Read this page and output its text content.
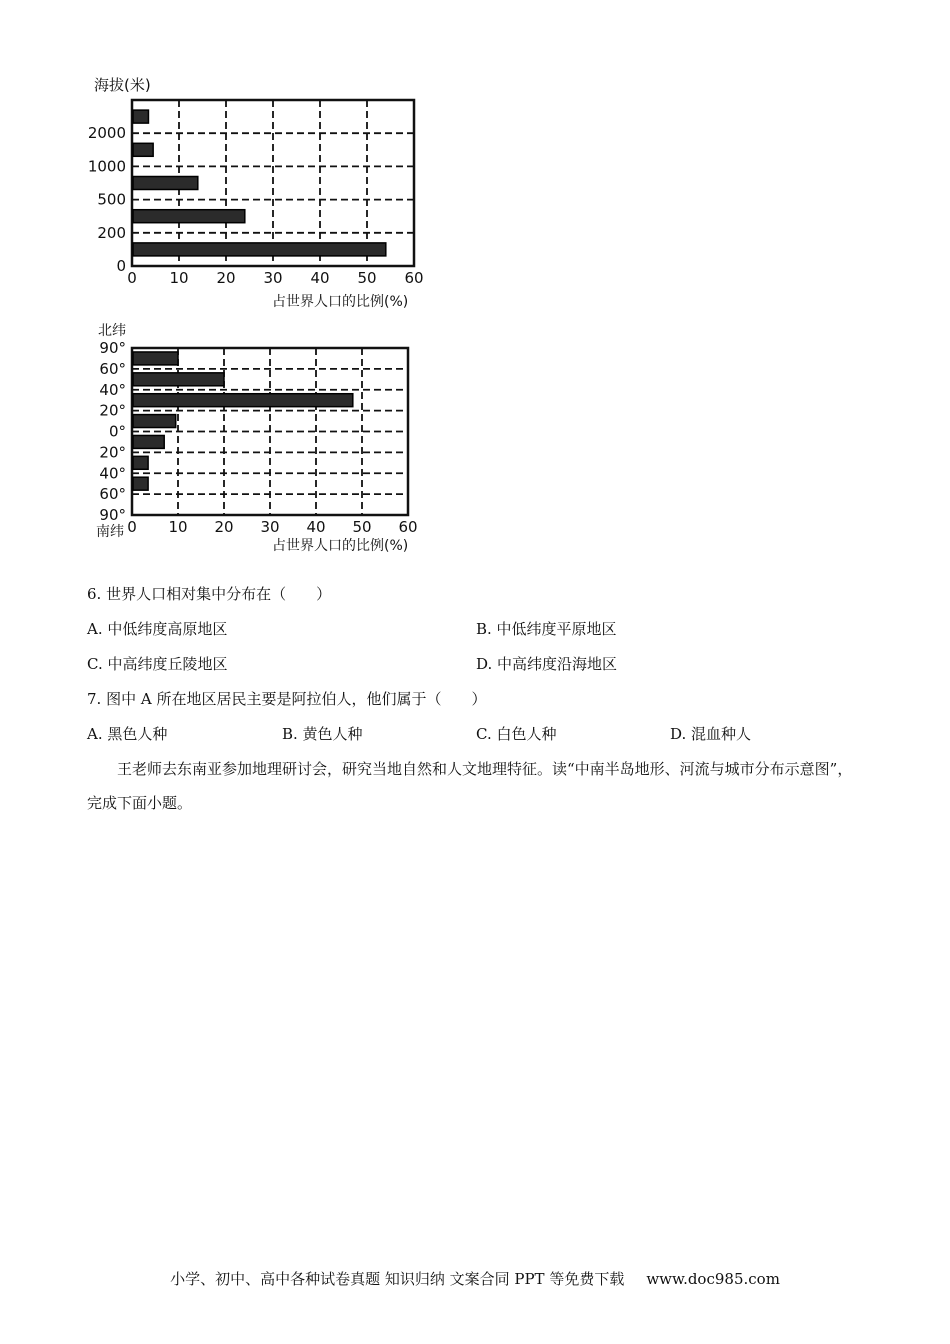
海拔(米)
0
200
500
1000
2000
0 10 20 30 40 50 60
占世界人口的比例(%)
北纬
90°
60°
40°
20°
0°
20°
40°
60°
90°
0 10 20 30 40 50 60
南纬
占世界人口的比例(%)
6. 世界人口相对集中分布在（　　）
A. 中低纬度高原地区	B. 中低纬度平原地区
C. 中高纬度丘陵地区	D. 中高纬度沿海地区
7. 图中 A 所在地区居民主要是阿拉伯人，他们属于（　　）
A. 黑色人种	B. 黄色人种	C. 白色人种	D. 混血种人
王老师去东南亚参加地理研讨会，研究当地自然和人文地理特征。读“中南半岛地形、河流与城市分布示意图”，完成下面小题。
小学、初中、高中各种试卷真题 知识归纳 文案合同 PPT 等免费下载 www.doc985.com
